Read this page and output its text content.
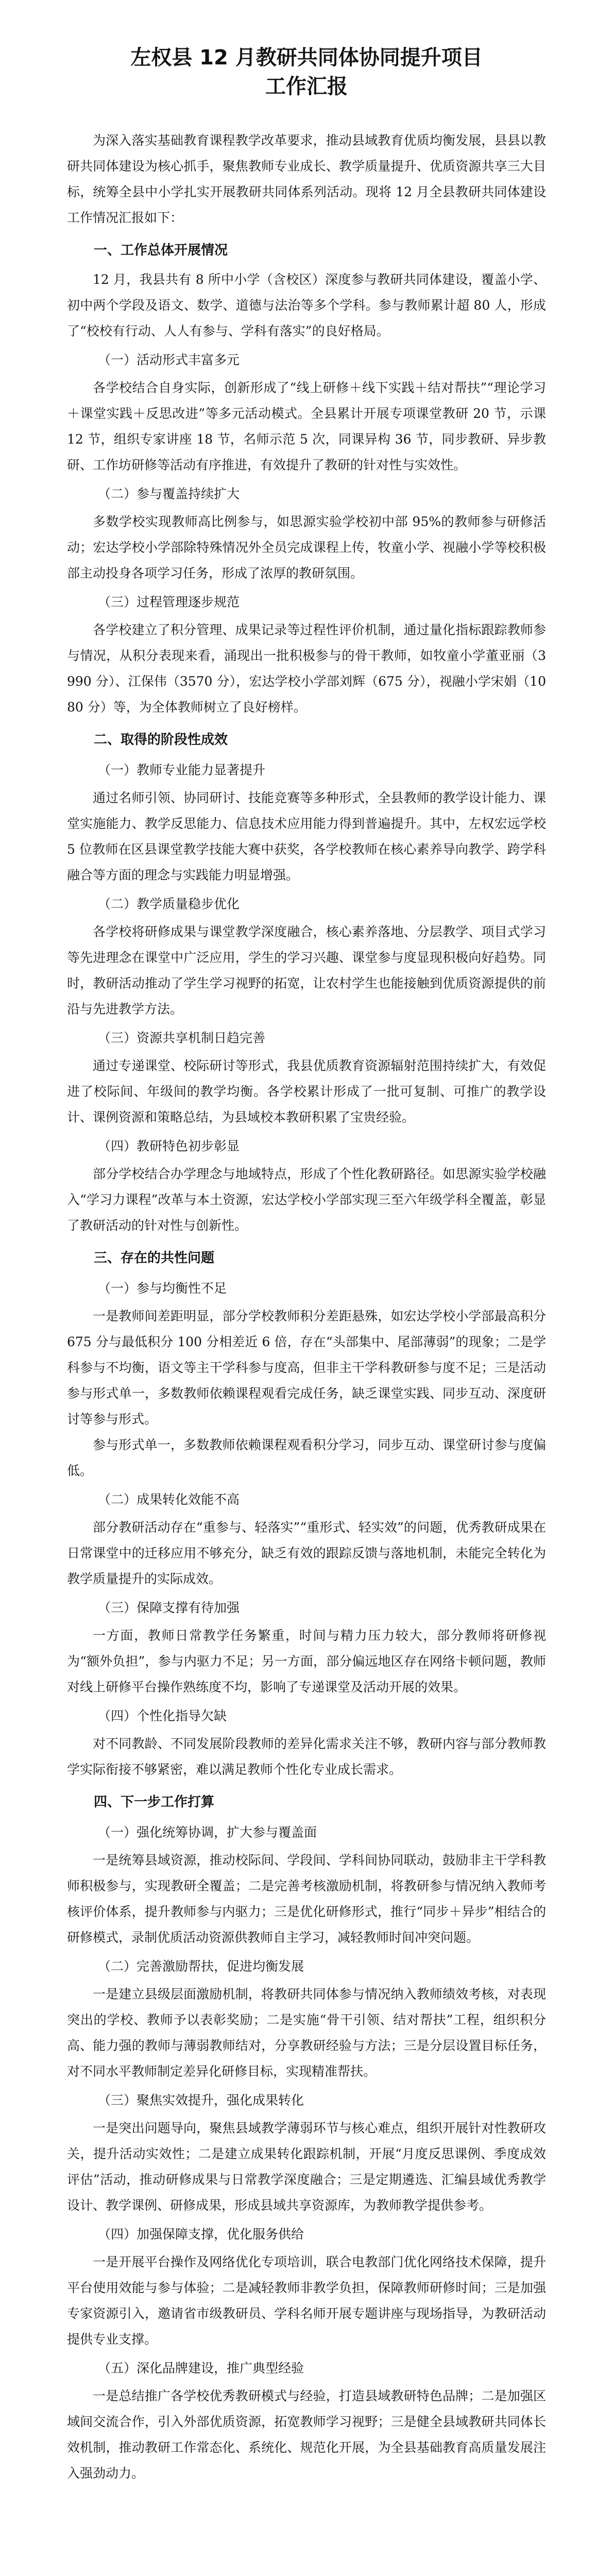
左权县 12 月教研共同体协同提升项目
工作汇报

为深入落实基础教育课程教学改革要求，推动县域教育优质均衡发展，县县以教研共同体建设为核心抓手，聚焦教师专业成长、教学质量提升、优质资源共享三大目标，统筹全县中小学扎实开展教研共同体系列活动。现将 12 月全县教研共同体建设工作情况汇报如下：

一、工作总体开展情况

12 月，我县共有 8 所中小学（含校区）深度参与教研共同体建设，覆盖小学、初中两个学段及语文、数学、道德与法治等多个学科。参与教师累计超 80 人，形成了“校校有行动、人人有参与、学科有落实”的良好格局。

（一）活动形式丰富多元

各学校结合自身实际，创新形成了“线上研修＋线下实践＋结对帮扶”“理论学习＋课堂实践＋反思改进”等多元活动模式。全县累计开展专项课堂教研 20 节，示课 12 节，组织专家讲座 18 节，名师示范 5 次，同课异构 36 节，同步教研、异步教研、工作坊研修等活动有序推进，有效提升了教研的针对性与实效性。

（二）参与覆盖持续扩大

多数学校实现教师高比例参与，如思源实验学校初中部 95%的教师参与研修活动；宏达学校小学部除特殊情况外全员完成课程上传，牧童小学、视融小学等校积极部主动投身各项学习任务，形成了浓厚的教研氛围。

（三）过程管理逐步规范

各学校建立了积分管理、成果记录等过程性评价机制，通过量化指标跟踪教师参与情况，从积分表现来看，涌现出一批积极参与的骨干教师，如牧童小学董亚丽（3990 分）、江保伟（3570 分），宏达学校小学部刘辉（675 分），视融小学宋娟（1080 分）等，为全体教师树立了良好榜样。

二、取得的阶段性成效
（一）教师专业能力显著提升

通过名师引领、协同研讨、技能竞赛等多种形式，全县教师的教学设计能力、课堂实施能力、教学反思能力、信息技术应用能力得到普遍提升。其中，左权宏远学校 5 位教师在区县课堂教学技能大赛中获奖，各学校教师在核心素养导向教学、跨学科融合等方面的理念与实践能力明显增强。

（二）教学质量稳步优化

各学校将研修成果与课堂教学深度融合，核心素养落地、分层教学、项目式学习等先进理念在课堂中广泛应用，学生的学习兴趣、课堂参与度显现积极向好趋势。同时，教研活动推动了学生学习视野的拓宽，让农村学生也能接触到优质资源提供的前沿与先进教学方法。

（三）资源共享机制日趋完善

通过专递课堂、校际研讨等形式，我县优质教育资源辐射范围持续扩大，有效促进了校际间、年级间的教学均衡。各学校累计形成了一批可复制、可推广的教学设计、课例资源和策略总结，为县域校本教研积累了宝贵经验。

（四）教研特色初步彰显

部分学校结合办学理念与地域特点，形成了个性化教研路径。如思源实验学校融入“学习力课程”改革与本土资源，宏达学校小学部实现三至六年级学科全覆盖，彰显了教研活动的针对性与创新性。

三、存在的共性问题
（一）参与均衡性不足

一是教师间差距明显，部分学校教师积分差距悬殊，如宏达学校小学部最高积分 675 分与最低积分 100 分相差近 6 倍，存在“头部集中、尾部薄弱”的现象；二是学科参与不均衡，语文等主干学科参与度高，但非主干学科教研参与度不足；三是活动参与形式单一，多数教师依赖课程观看完成任务，缺乏课堂实践、同步互动、深度研讨等参与形式。

参与形式单一，多数教师依赖课程观看积分学习，同步互动、课堂研讨参与度偏低。

（二）成果转化效能不高

部分教研活动存在“重参与、轻落实”“重形式、轻实效”的问题，优秀教研成果在日常课堂中的迁移应用不够充分，缺乏有效的跟踪反馈与落地机制，未能完全转化为教学质量提升的实际成效。

（三）保障支撑有待加强

一方面，教师日常教学任务繁重，时间与精力压力较大，部分教师将研修视为“额外负担”，参与内驱力不足；另一方面，部分偏远地区存在网络卡顿问题，教师对线上研修平台操作熟练度不均，影响了专递课堂及活动开展的效果。

（四）个性化指导欠缺

对不同教龄、不同发展阶段教师的差异化需求关注不够，教研内容与部分教师教学实际衔接不够紧密，难以满足教师个性化专业成长需求。

四、下一步工作打算
（一）强化统筹协调，扩大参与覆盖面

一是统筹县域资源，推动校际间、学段间、学科间协同联动，鼓励非主干学科教师积极参与，实现教研全覆盖；二是完善考核激励机制，将教研参与情况纳入教师考核评价体系，提升教师参与内驱力；三是优化研修形式，推行“同步＋异步”相结合的研修模式，录制优质活动资源供教师自主学习，减轻教师时间冲突问题。

（二）完善激励帮扶，促进均衡发展

一是建立县级层面激励机制，将教研共同体参与情况纳入教师绩效考核，对表现突出的学校、教师予以表彰奖励；二是实施“骨干引领、结对帮扶”工程，组织积分高、能力强的教师与薄弱教师结对，分享教研经验与方法；三是分层设置目标任务，对不同水平教师制定差异化研修目标，实现精准帮扶。

（三）聚焦实效提升，强化成果转化

一是突出问题导向，聚焦县域教学薄弱环节与核心难点，组织开展针对性教研攻关，提升活动实效性；二是建立成果转化跟踪机制，开展“月度反思课例、季度成效评估”活动，推动研修成果与日常教学深度融合；三是定期遴选、汇编县域优秀教学设计、教学课例、研修成果，形成县域共享资源库，为教师教学提供参考。

（四）加强保障支撑，优化服务供给

一是开展平台操作及网络优化专项培训，联合电教部门优化网络技术保障，提升平台使用效能与参与体验；二是减轻教师非教学负担，保障教师研修时间；三是加强专家资源引入，邀请省市级教研员、学科名师开展专题讲座与现场指导，为教研活动提供专业支撑。

（五）深化品牌建设，推广典型经验

一是总结推广各学校优秀教研模式与经验，打造县域教研特色品牌；二是加强区域间交流合作，引入外部优质资源，拓宽教师学习视野；三是健全县域教研共同体长效机制，推动教研工作常态化、系统化、规范化开展，为全县基础教育高质量发展注入强劲动力。
